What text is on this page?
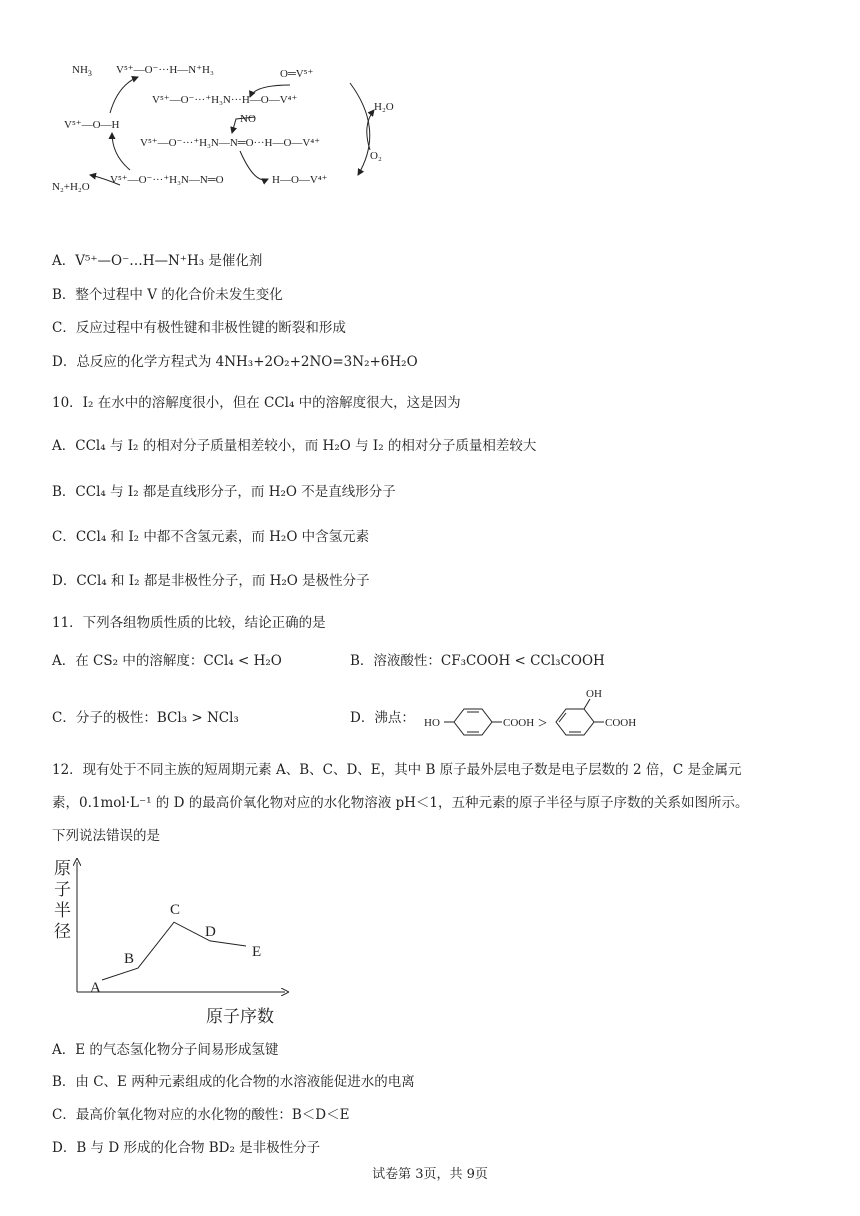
$NH_3$ V⁵⁺—O⁻···H—N⁺H₃	O═V⁵⁺
V⁵⁺—O⁻···⁺H₃N···H—O—V⁴⁺
V⁵⁺—O—H	NO
H₂O
V⁵⁺—O⁻···⁺H₃N—N═O···H—O—V⁴⁺
O₂
V⁵⁺—O⁻···⁺H₃N—N═O	H—O—V⁴⁺
N₂+H₂O
A．V⁵⁺—O⁻…H—N⁺H₃ 是催化剂
B．整个过程中 V 的化合价未发生变化
C．反应过程中有极性键和非极性键的断裂和形成
D．总反应的化学方程式为 4NH₃+2O₂+2NO=3N₂+6H₂O
10．I₂ 在水中的溶解度很小，但在 CCl₄ 中的溶解度很大，这是因为
A．CCl₄ 与 I₂ 的相对分子质量相差较小，而 H₂O 与 I₂ 的相对分子质量相差较大
B．CCl₄ 与 I₂ 都是直线形分子，而 H₂O 不是直线形分子
C．CCl₄ 和 I₂ 中都不含氢元素，而 H₂O 中含氢元素
D．CCl₄ 和 I₂ 都是非极性分子，而 H₂O 是极性分子
11．下列各组物质性质的比较，结论正确的是
A．在 CS₂ 中的溶解度：CCl₄ < H₂O	B．溶液酸性：CF₃COOH < CCl₃COOH
C．分子的极性：BCl₃ > NCl₃	D．沸点： HO	COOH >
OH
COOH
12．现有处于不同主族的短周期元素 A、B、C、D、E，其中 B 原子最外层电子数是电子层数的 2 倍，C 是金属元
素，0.1mol·L⁻¹ 的 D 的最高价氧化物对应的水化物溶液 pH＜1，五种元素的原子半径与原子序数的关系如图所示。
下列说法错误的是
原
子
半
径
原子序数
A
B
C
D
E
A．E 的气态氢化物分子间易形成氢键
B．由 C、E 两种元素组成的化合物的水溶液能促进水的电离
C．最高价氧化物对应的水化物的酸性：B＜D＜E
D．B 与 D 形成的化合物 BD₂ 是非极性分子
试卷第 3页，共 9页
